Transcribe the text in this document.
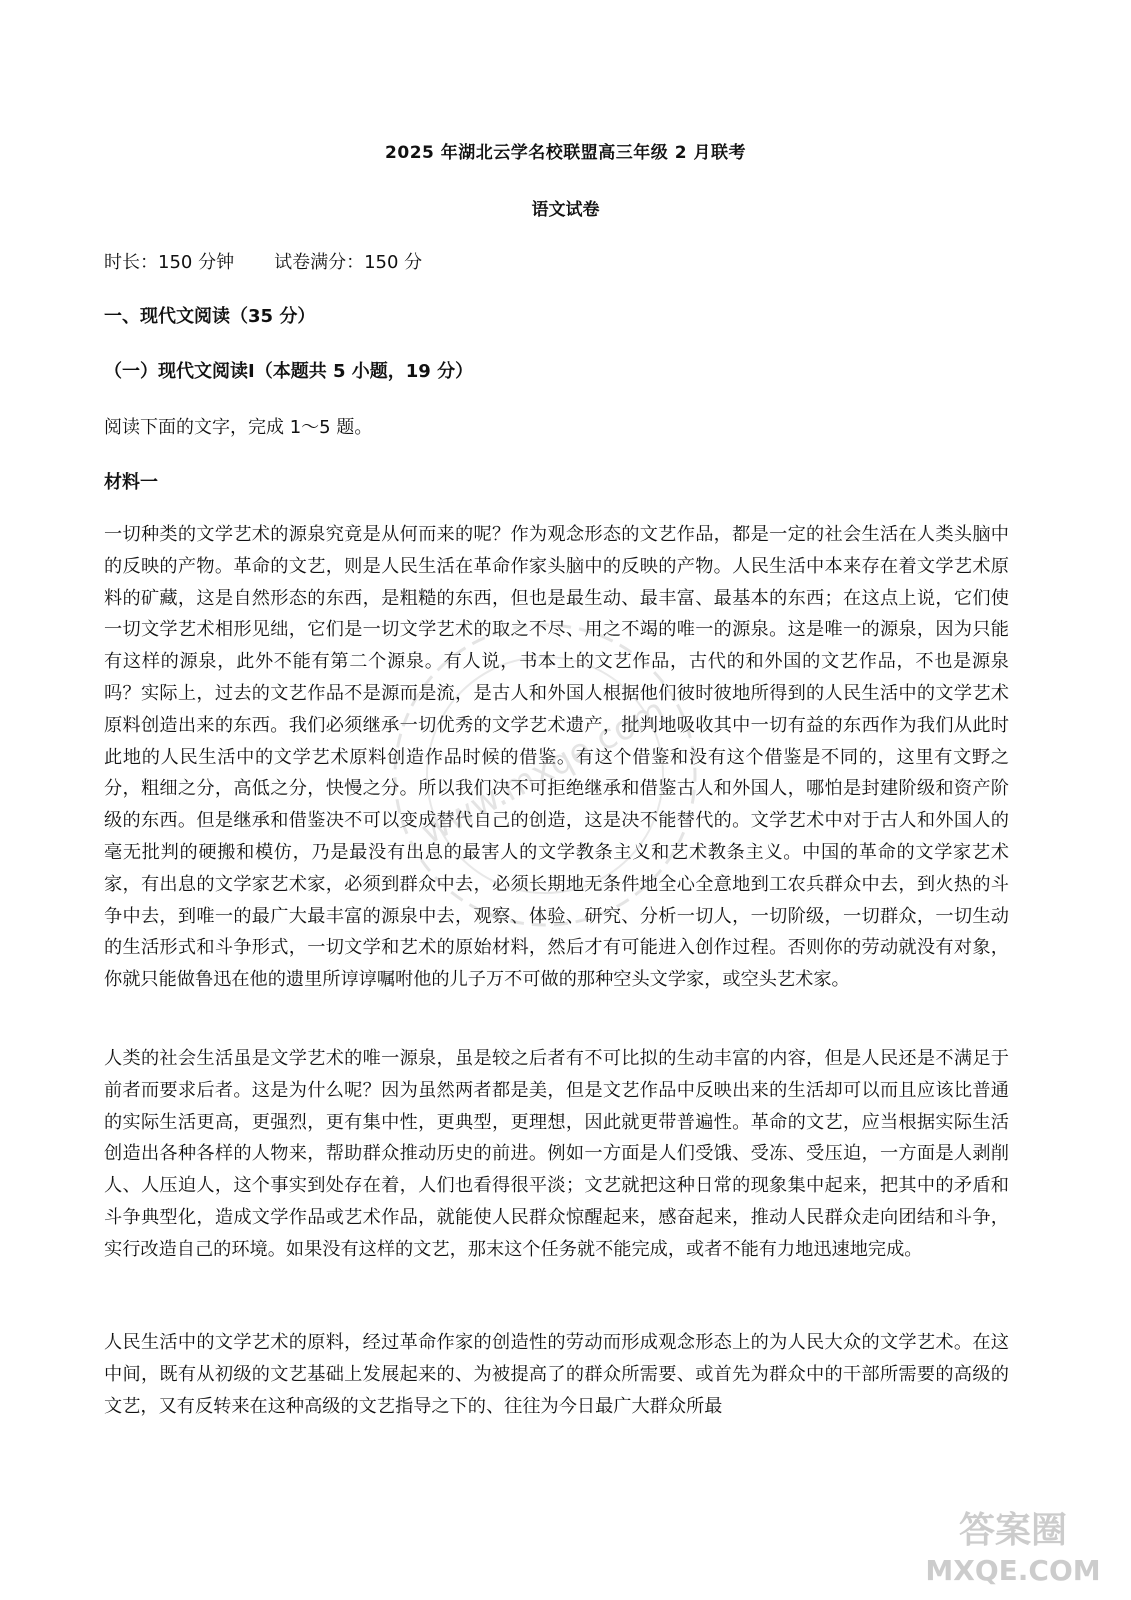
2025 年湖北云学名校联盟高三年级 2 月联考
语文试卷
时长：150 分钟 试卷满分：150 分
一、现代文阅读（35 分）
（一）现代文阅读Ⅰ（本题共 5 小题，19 分）
阅读下面的文字，完成 1～5 题。
材料一

一切种类的文学艺术的源泉究竟是从何而来的呢？作为观念形态的文艺作品，都是一定的社会生活在人类头脑中的反映的产物。革命的文艺，则是人民生活在革命作家头脑中的反映的产物。人民生活中本来存在着文学艺术原料的矿藏，这是自然形态的东西，是粗糙的东西，但也是最生动、最丰富、最基本的东西；在这点上说，它们使一切文学艺术相形见绌，它们是一切文学艺术的取之不尽、用之不竭的唯一的源泉。这是唯一的源泉，因为只能有这样的源泉，此外不能有第二个源泉。有人说，书本上的文艺作品，古代的和外国的文艺作品，不也是源泉吗？实际上，过去的文艺作品不是源而是流，是古人和外国人根据他们彼时彼地所得到的人民生活中的文学艺术原料创造出来的东西。我们必须继承一切优秀的文学艺术遗产，批判地吸收其中一切有益的东西作为我们从此时此地的人民生活中的文学艺术原料创造作品时候的借鉴。有这个借鉴和没有这个借鉴是不同的，这里有文野之分，粗细之分，高低之分，快慢之分。所以我们决不可拒绝继承和借鉴古人和外国人，哪怕是封建阶级和资产阶级的东西。但是继承和借鉴决不可以变成替代自己的创造，这是决不能替代的。文学艺术中对于古人和外国人的毫无批判的硬搬和模仿，乃是最没有出息的最害人的文学教条主义和艺术教条主义。中国的革命的文学家艺术家，有出息的文学家艺术家，必须到群众中去，必须长期地无条件地全心全意地到工农兵群众中去，到火热的斗争中去，到唯一的最广大最丰富的源泉中去，观察、体验、研究、分析一切人，一切阶级，一切群众，一切生动的生活形式和斗争形式，一切文学和艺术的原始材料，然后才有可能进入创作过程。否则你的劳动就没有对象，你就只能做鲁迅在他的遗里所谆谆嘱咐他的儿子万不可做的那种空头文学家，或空头艺术家。

人类的社会生活虽是文学艺术的唯一源泉，虽是较之后者有不可比拟的生动丰富的内容，但是人民还是不满足于前者而要求后者。这是为什么呢？因为虽然两者都是美，但是文艺作品中反映出来的生活却可以而且应该比普通的实际生活更高，更强烈，更有集中性，更典型，更理想，因此就更带普遍性。革命的文艺，应当根据实际生活创造出各种各样的人物来，帮助群众推动历史的前进。例如一方面是人们受饿、受冻、受压迫，一方面是人剥削人、人压迫人，这个事实到处存在着，人们也看得很平淡；文艺就把这种日常的现象集中起来，把其中的矛盾和斗争典型化，造成文学作品或艺术作品，就能使人民群众惊醒起来，感奋起来，推动人民群众走向团结和斗争，实行改造自己的环境。如果没有这样的文艺，那末这个任务就不能完成，或者不能有力地迅速地完成。

人民生活中的文学艺术的原料，经过革命作家的创造性的劳动而形成观念形态上的为人民大众的文学艺术。在这中间，既有从初级的文艺基础上发展起来的、为被提高了的群众所需要、或首先为群众中的干部所需要的高级的文艺，又有反转来在这种高级的文艺指导之下的、往往为今日最广大群众所最

www.mxqe.com
答案圈
MXQE.COM
